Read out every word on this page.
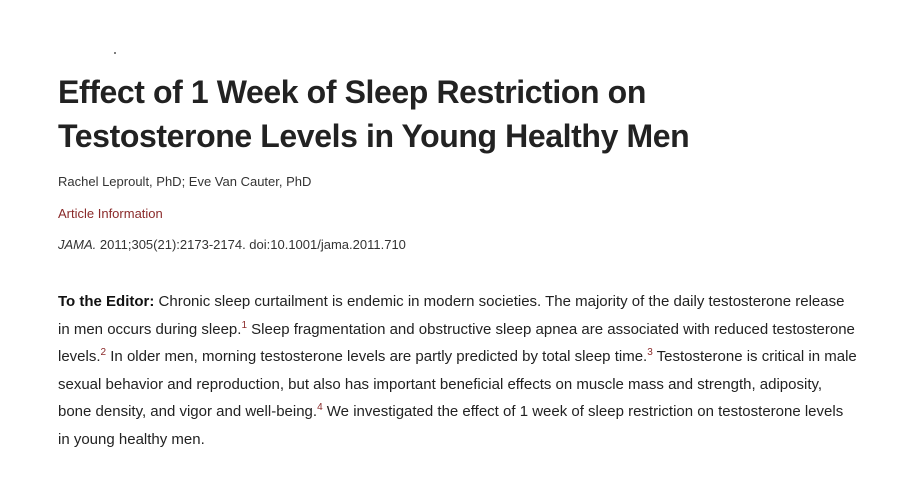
Effect of 1 Week of Sleep Restriction on
Testosterone Levels in Young Healthy Men
Rachel Leproult, PhD; Eve Van Cauter, PhD
Article Information
JAMA. 2011;305(21):2173-2174. doi:10.1001/jama.2011.710

To the Editor: Chronic sleep curtailment is endemic in modern societies. The majority of the daily testosterone release in men occurs during sleep.$^1$ Sleep fragmentation and obstructive sleep apnea are associated with reduced testosterone levels.$^2$ In older men, morning testosterone levels are partly predicted by total sleep time.$^3$ Testosterone is critical in male sexual behavior and reproduction, but also has important beneficial effects on muscle mass and strength, adiposity, bone density, and vigor and well-being.$^4$ We investigated the effect of 1 week of sleep restriction on testosterone levels in young healthy men.
